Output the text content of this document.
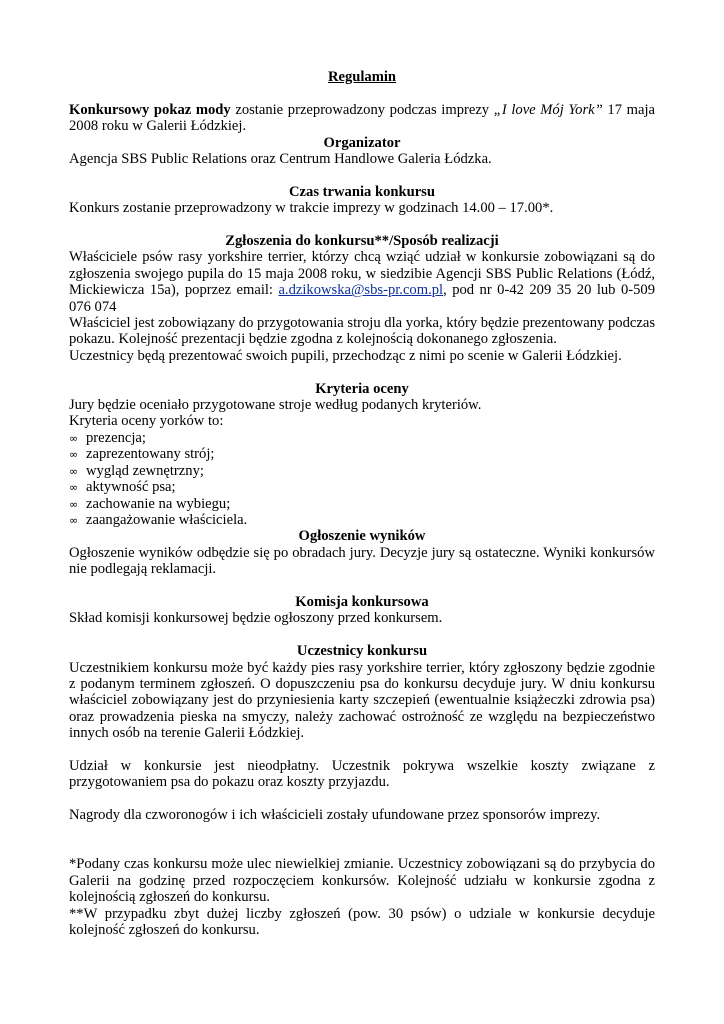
Regulamin

Konkursowy pokaz mody zostanie przeprowadzony podczas imprezy „I love Mój York” 17 maja 2008 roku w Galerii Łódzkiej.

Organizator

Agencja SBS Public Relations oraz Centrum Handlowe Galeria Łódzka.

Czas trwania konkursu

Konkurs zostanie przeprowadzony w trakcie imprezy w godzinach 14.00 – 17.00*.

Zgłoszenia do konkursu**/Sposób realizacji

Właściciele psów rasy yorkshire terrier, którzy chcą wziąć udział w konkursie zobowiązani są do zgłoszenia swojego pupila do 15 maja 2008 roku, w siedzibie Agencji SBS Public Relations (Łódź, Mickiewicza 15a), poprzez email: a.dzikowska@sbs-pr.com.pl, pod nr 0-42 209 35 20 lub 0-509 076 074

Właściciel jest zobowiązany do przygotowania stroju dla yorka, który będzie prezentowany podczas pokazu. Kolejność prezentacji będzie zgodna z kolejnością dokonanego zgłoszenia.

Uczestnicy będą prezentować swoich pupili, przechodząc z nimi po scenie w Galerii Łódzkiej.

Kryteria oceny

Jury będzie oceniało przygotowane stroje według podanych kryteriów.

Kryteria oceny yorków to:

∞ prezencja;
∞ zaprezentowany strój;
∞ wygląd zewnętrzny;
∞ aktywność psa;
∞ zachowanie na wybiegu;
∞ zaangażowanie właściciela.
Ogłoszenie wyników

Ogłoszenie wyników odbędzie się po obradach jury. Decyzje jury są ostateczne. Wyniki konkursów nie podlegają reklamacji.

Komisja konkursowa

Skład komisji konkursowej będzie ogłoszony przed konkursem.

Uczestnicy konkursu

Uczestnikiem konkursu może być każdy pies rasy yorkshire terrier, który zgłoszony będzie zgodnie z podanym terminem zgłoszeń. O dopuszczeniu psa do konkursu decyduje jury. W dniu konkursu właściciel zobowiązany jest do przyniesienia karty szczepień (ewentualnie książeczki zdrowia psa) oraz prowadzenia pieska na smyczy, należy zachować ostrożność ze względu na bezpieczeństwo innych osób na terenie Galerii Łódzkiej.

Udział w konkursie jest nieodpłatny. Uczestnik pokrywa wszelkie koszty związane z przygotowaniem psa do pokazu oraz koszty przyjazdu.

Nagrody dla czworonogów i ich właścicieli zostały ufundowane przez sponsorów imprezy.

*Podany czas konkursu może ulec niewielkiej zmianie. Uczestnicy zobowiązani są do przybycia do Galerii na godzinę przed rozpoczęciem konkursów. Kolejność udziału w konkursie zgodna z kolejnością zgłoszeń do konkursu.

**W przypadku zbyt dużej liczby zgłoszeń (pow. 30 psów) o udziale w konkursie decyduje kolejność zgłoszeń do konkursu.
